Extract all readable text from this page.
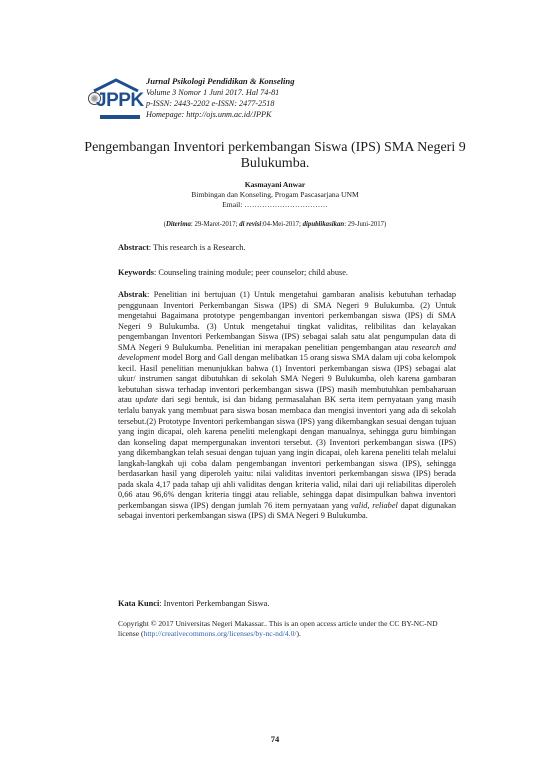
JPPK
Jurnal Psikologi Pendidikan & Konseling
Volume 3 Nomor 1 Juni 2017. Hal 74-81
p-ISSN: 2443-2202 e-ISSN: 2477-2518
Homepage: http://ojs.unm.ac.id/JPPK
Pengembangan Inventori perkembangan Siswa (IPS) SMA Negeri 9 Bulukumba.
Kasmayani Anwar
Bimbingan dan Konseling, Progam Pascasarjana UNM
Email: ……………………………
(Diterima: 29-Maret-2017; di revisi:04-Mei-2017; dipublikasikan: 29-Juni-2017)
Abstract: This research is a Research.
Keywords: Counseling training module; peer counselor; child abuse.
Abstrak: Penelitian ini bertujuan (1) Untuk mengetahui gambaran analisis kebutuhan terhadap penggunaan Inventori Perkembangan Siswa (IPS) di SMA Negeri 9 Bulukumba. (2) Untuk mengetahui Bagaimana prototype pengembangan inventori perkembangan siswa (IPS) di SMA Negeri 9 Bulukumba. (3) Untuk mengetahui tingkat validitas, relibilitas dan kelayakan pengembangan Inventori Perkembangan Siswa (IPS) sebagai salah satu alat pengumpulan data di SMA Negeri 9 Bulukumba. Penelitian ini merapakan penelitian pengembangan atau research and development model Borg and Gall dengan melibatkan 15 orang siswa SMA dalam uji coba kelompok kecil. Hasil penelitian menunjukkan bahwa (1) Inventori perkembangan siswa (IPS) sebagai alat ukur/ instrumen sangat dibutuhkan di sekolah SMA Negeri 9 Bulukumba, oleh karena gambaran kebutuhan siswa terhadap inventori perkembangan siswa (IPS) masih membutuhkan pembaharuan atau update dari segi bentuk, isi dan bidang permasalahan BK serta item pernyataan yang masih terlalu banyak yang membuat para siswa bosan membaca dan mengisi inventori yang ada di sekolah tersebut.(2) Prototype Inventori perkembangan siswa (IPS) yang dikembangkan sesuai dengan tujuan yang ingin dicapai, oleh karena peneliti melengkapi dengan manualnya, sehingga guru bimbingan dan konseling dapat mempergunakan inventori tersebut. (3) Inventori perkembangan siswa (IPS) yang dikembangkan telah sesuai dengan tujuan yang ingin dicapai, oleh karena peneliti telah melalui langkah-langkah uji coba dalam pengembangan inventori perkembangan siswa (IPS), sehingga berdasarkan hasil yang diperoleh yaitu: nilai validitas inventori perkembangan siswa (IPS) berada pada skala 4,17 pada tahap uji ahli validitas dengan kriteria valid, nilai dari uji reliabilitas diperoleh 0,66 atau 96,6% dengan kriteria tinggi atau reliable, sehingga dapat disimpulkan bahwa inventori perkembangan siswa (IPS) dengan jumlah 76 item pernyataan yang valid, reliabel dapat digunakan sebagai inventori perkembangan siswa (IPS) di SMA Negeri 9 Bulukumba.
Kata Kunci: Inventori Perkembangan Siswa.
Copyright © 2017 Universitas Negeri Makassar.. This is an open access article under the CC BY-NC-ND license (http://creativecommons.org/licenses/by-nc-nd/4.0/).
74
